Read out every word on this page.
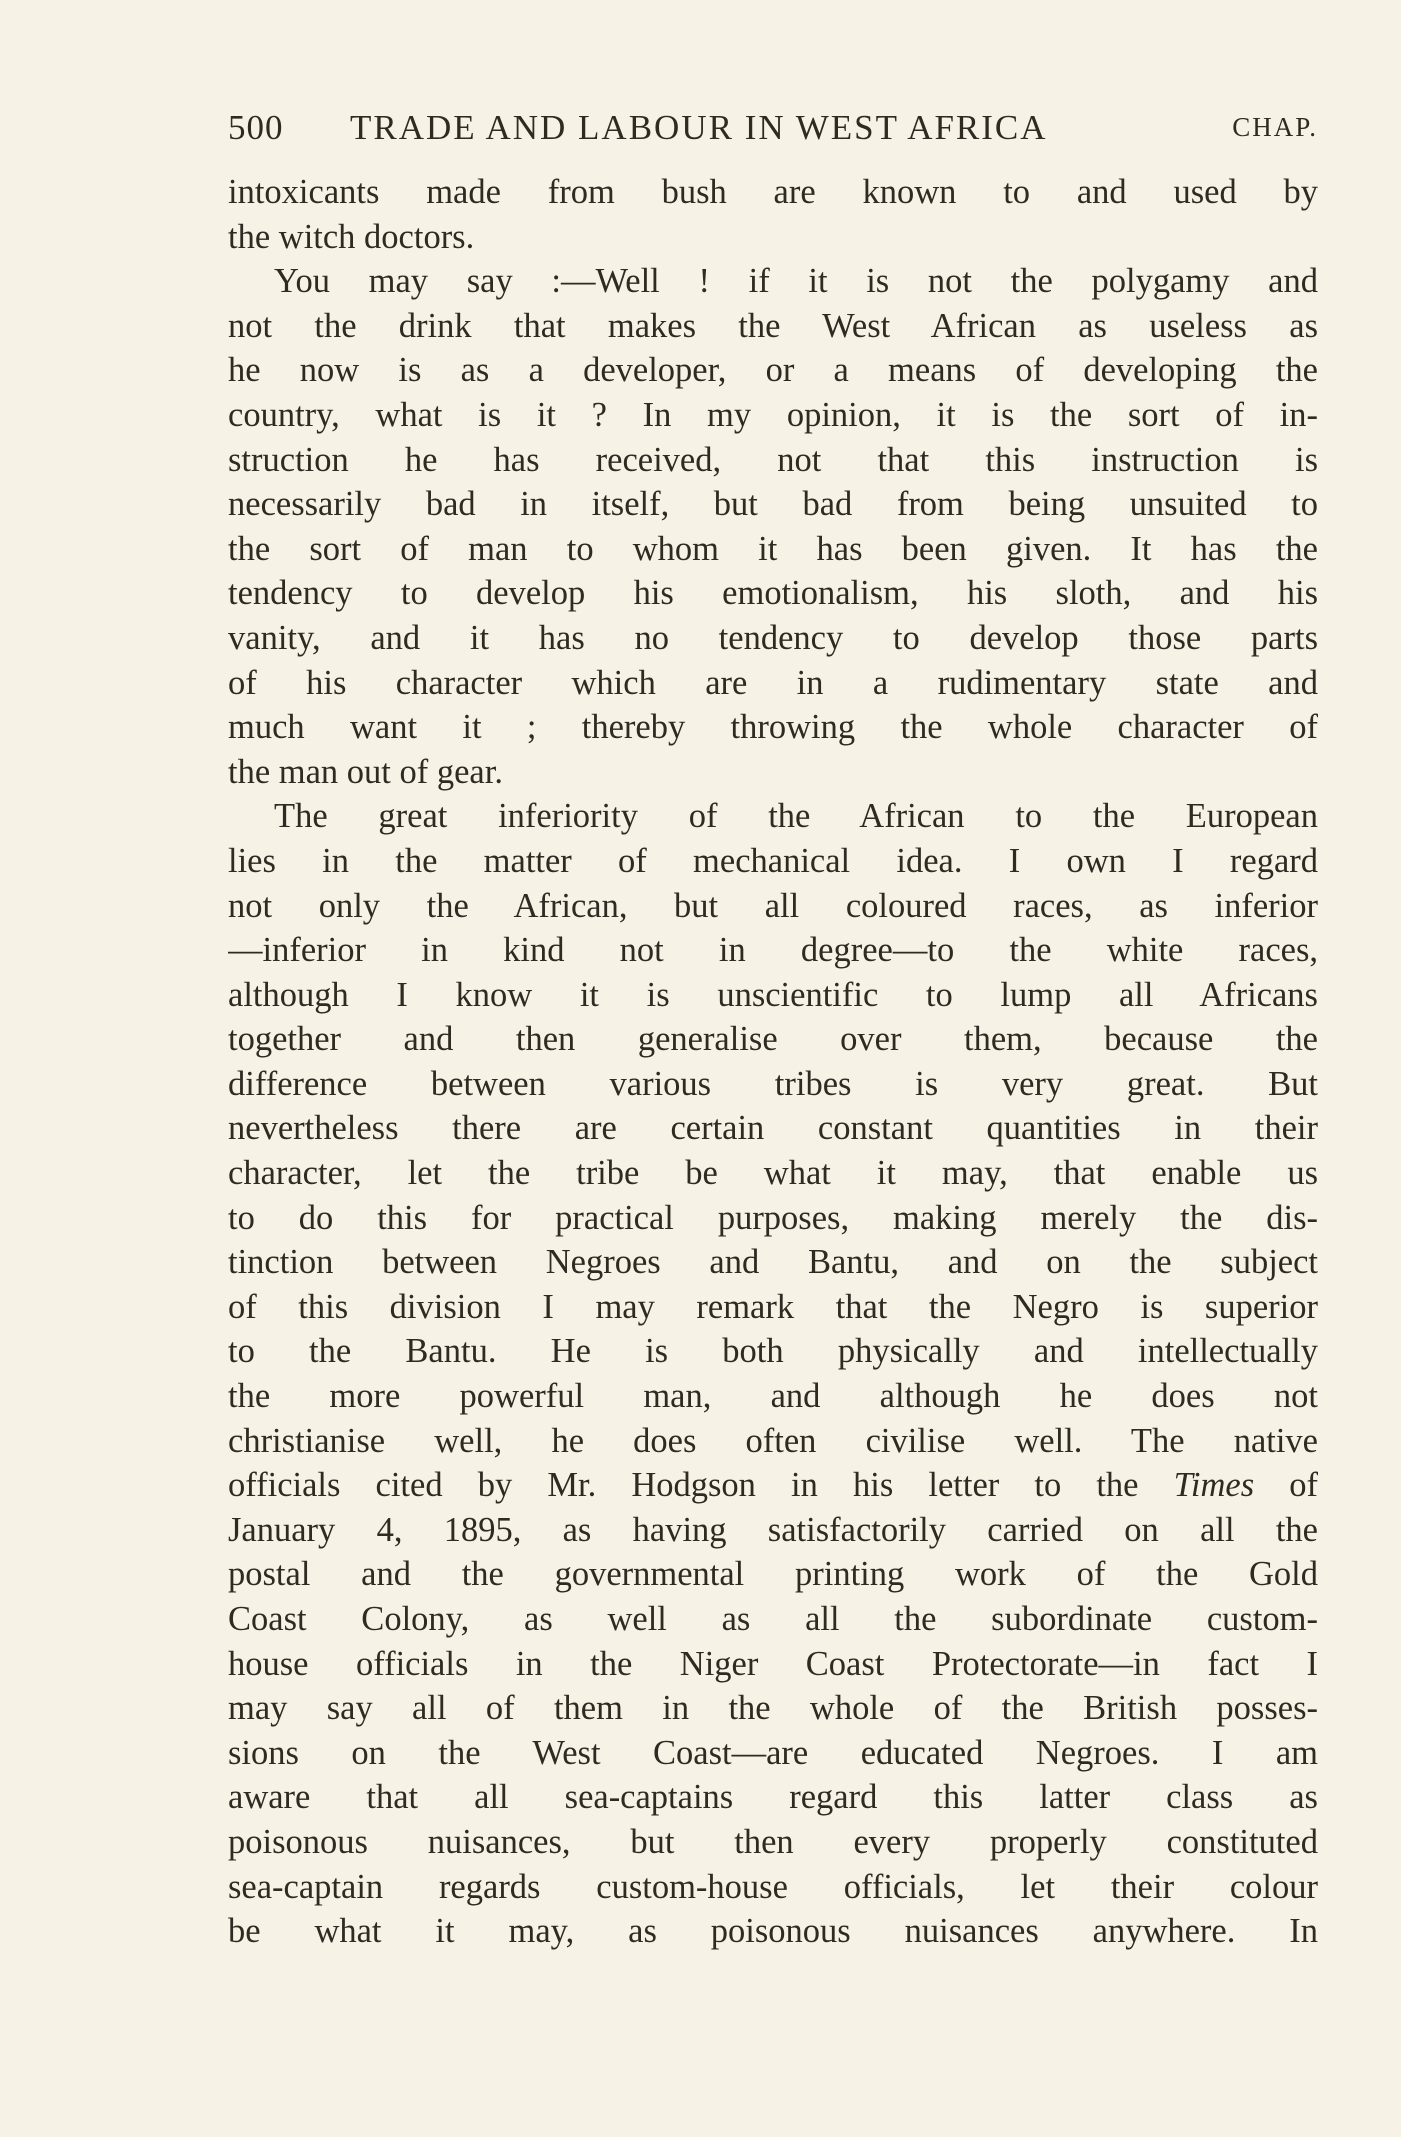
500 TRADE AND LABOUR IN WEST AFRICA	CHAP.
intoxicants made from bush are known to and used by
the witch doctors.
You may say :—Well ! if it is not the polygamy and
not the drink that makes the West African as useless as
he now is as a developer, or a means of developing the
country, what is it ? In my opinion, it is the sort of in-
struction he has received, not that this instruction is
necessarily bad in itself, but bad from being unsuited to
the sort of man to whom it has been given. It has the
tendency to develop his emotionalism, his sloth, and his
vanity, and it has no tendency to develop those parts
of his character which are in a rudimentary state and
much want it ; thereby throwing the whole character of
the man out of gear.
The great inferiority of the African to the European
lies in the matter of mechanical idea. I own I regard
not only the African, but all coloured races, as inferior
—inferior in kind not in degree—to the white races,
although I know it is unscientific to lump all Africans
together and then generalise over them, because the
difference between various tribes is very great. But
nevertheless there are certain constant quantities in their
character, let the tribe be what it may, that enable us
to do this for practical purposes, making merely the dis-
tinction between Negroes and Bantu, and on the subject
of this division I may remark that the Negro is superior
to the Bantu. He is both physically and intellectually
the more powerful man, and although he does not
christianise well, he does often civilise well. The native
officials cited by Mr. Hodgson in his letter to the Times of
January 4, 1895, as having satisfactorily carried on all the
postal and the governmental printing work of the Gold
Coast Colony, as well as all the subordinate custom-
house officials in the Niger Coast Protectorate—in fact I
may say all of them in the whole of the British posses-
sions on the West Coast—are educated Negroes. I am
aware that all sea-captains regard this latter class as
poisonous nuisances, but then every properly constituted
sea-captain regards custom-house officials, let their colour
be what it may, as poisonous nuisances anywhere. In
